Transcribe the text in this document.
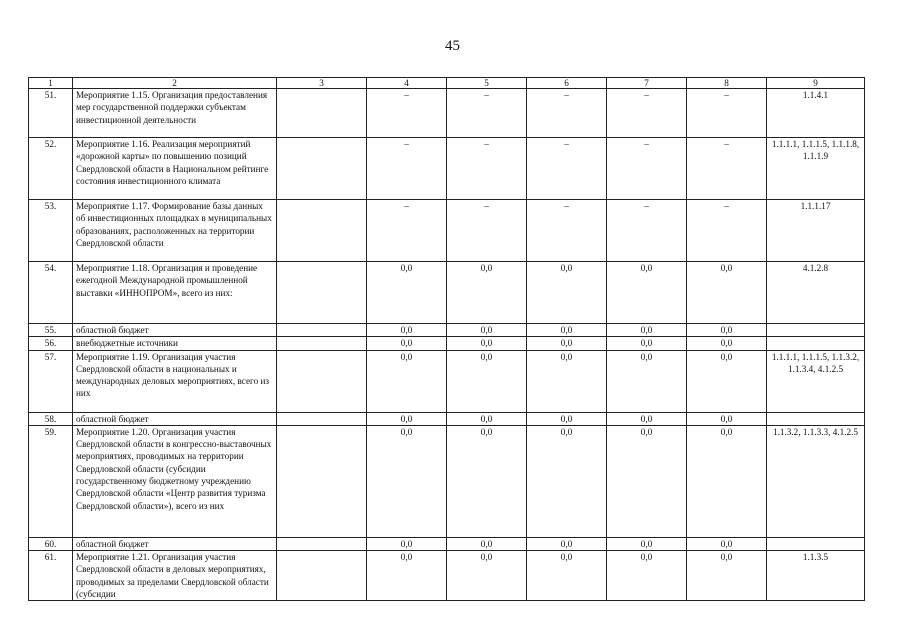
45
1	2	3	4	5	6	7	8	9
51.	Мероприятие 1.15. Организация предоставления мер государственной поддержки субъектам инвестиционной деятельности		–	–	–	–	–	1.1.4.1
52.	Мероприятие 1.16. Реализация мероприятий «дорожной карты» по повышению позиций Свердловской области в Национальном рейтинге состояния инвестиционного климата		–	–	–	–	–	1.1.1.1, 1.1.1.5, 1.1.1.8, 1.1.1.9
53.	Мероприятие 1.17. Формирование базы данных об инвестиционных площадках в муниципальных образованиях, расположенных на территории Свердловской области		–	–	–	–	–	1.1.1.17
54.	Мероприятие 1.18. Организация и проведение ежегодной Международной промышленной выставки «ИННОПРОМ», всего из них:		0,0	0,0	0,0	0,0	0,0	4.1.2.8
55.	областной бюджет		0,0	0,0	0,0	0,0	0,0	
56.	внебюджетные источники		0,0	0,0	0,0	0,0	0,0	
57.	Мероприятие 1.19. Организация участия Свердловской области в национальных и международных деловых мероприятиях, всего из них		0,0	0,0	0,0	0,0	0,0	1.1.1.1, 1.1.1.5, 1.1.3.2, 1.1.3.4, 4.1.2.5
58.	областной бюджет		0,0	0,0	0,0	0,0	0,0	
59.	Мероприятие 1.20. Организация участия Свердловской области в конгрессно-выставочных мероприятиях, проводимых на территории Свердловской области (субсидии государственному бюджетному учреждению Свердловской области «Центр развития туризма Свердловской области»), всего из них		0,0	0,0	0,0	0,0	0,0	1.1.3.2, 1.1.3.3, 4.1.2.5
60.	областной бюджет		0,0	0,0	0,0	0,0	0,0	
61.	Мероприятие 1.21. Организация участия Свердловской области в деловых мероприятиях, проводимых за пределами Свердловской области (субсидии		0,0	0,0	0,0	0,0	0,0	1.1.3.5
